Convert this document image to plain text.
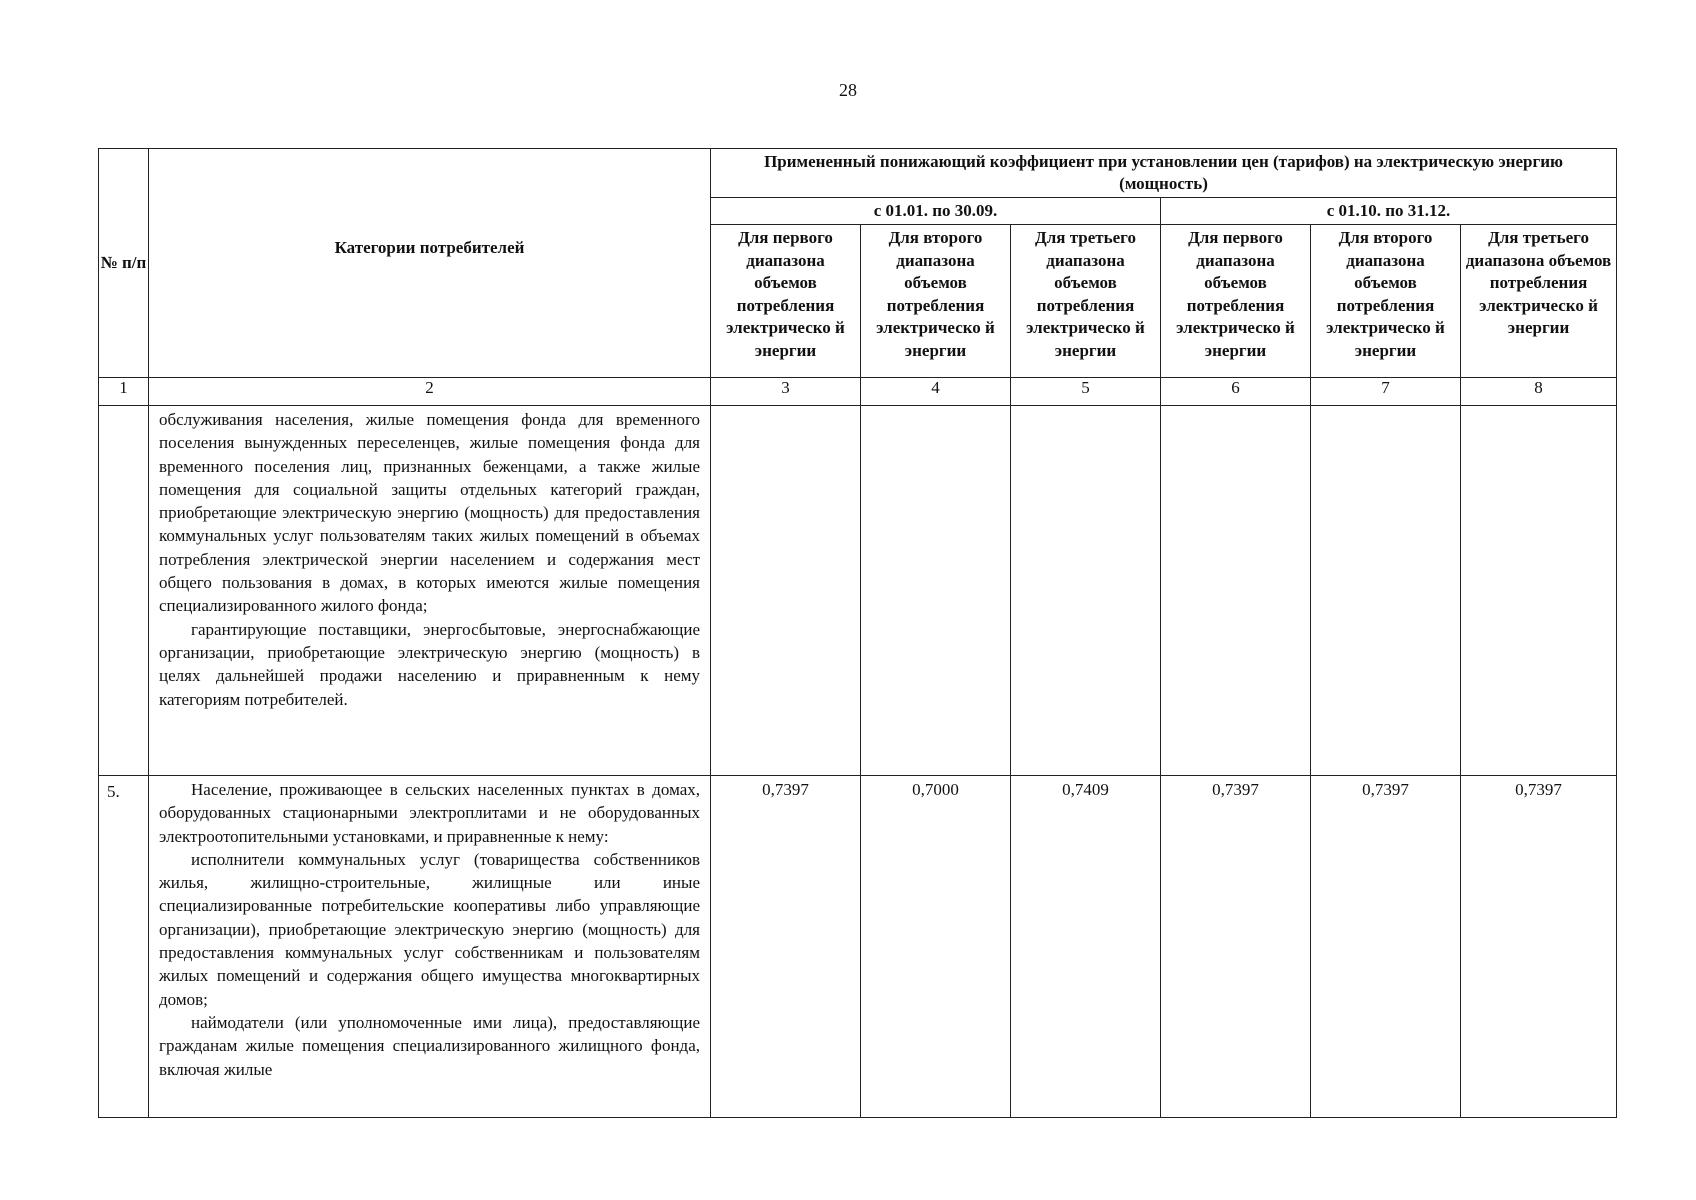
28
№ п/п	Категории потребителей	Примененный понижающий коэффициент при установлении цен (тарифов) на электрическую энергию (мощность)					
		с 01.01. по 30.09.			с 01.10. по 31.12.		
		Для первого диапазона объемов потребления электрическо й энергии	Для второго диапазона объемов потребления электрическо й энергии	Для третьего диапазона объемов потребления электрическо й энергии	Для первого диапазона объемов потребления электрическо й энергии	Для второго диапазона объемов потребления электрическо й энергии	Для третьего диапазона объемов потребления электрическо й энергии
1	2	3	4	5	6	7	8

	обслуживания населения, жилые помещения фонда для временного поселения вынужденных переселенцев, жилые помещения фонда для временного поселения лиц, признанных беженцами, а также жилые помещения для социальной защиты отдельных категорий граждан, приобретающие электрическую энергию (мощность) для предоставления коммунальных услуг пользователям таких жилых помещений в объемах потребления электрической энергии населением и содержания мест общего пользования в домах, в которых имеются жилые помещения специализированного жилого фонда;

гарантирующие поставщики, энергосбытовые, энергоснабжающие организации, приобретающие электрическую энергию (мощность) в целях дальнейшей продажи населению и приравненным к нему категориям потребителей.						

5.	Население, проживающее в сельских населенных пунктах в домах, оборудованных стационарными электроплитами и не оборудованных электроотопительными установками, и приравненные к нему:

исполнители коммунальных услуг (товарищества собственников жилья, жилищно-строительные, жилищные или иные специализированные потребительские кооперативы либо управляющие организации), приобретающие электрическую энергию (мощность) для предоставления коммунальных услуг собственникам и пользователям жилых помещений и содержания общего имущества многоквартирных домов;

наймодатели (или уполномоченные ими лица), предоставляющие гражданам жилые помещения специализированного жилищного фонда, включая жилые	0,7397	0,7000	0,7409	0,7397	0,7397	0,7397
